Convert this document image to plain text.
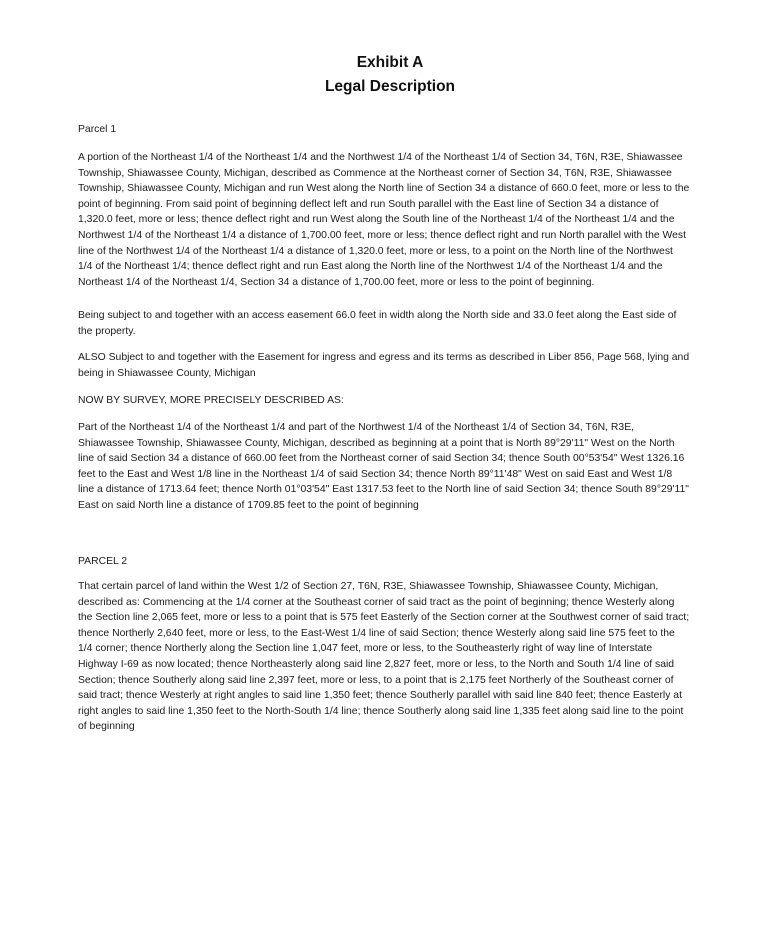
Exhibit A
Legal Description
Parcel 1
A portion of the Northeast 1/4 of the Northeast 1/4 and the Northwest 1/4 of the Northeast 1/4 of Section 34, T6N, R3E, Shiawassee Township, Shiawassee County, Michigan, described as Commence at the Northeast corner of Section 34, T6N, R3E, Shiawassee Township, Shiawassee County, Michigan and run West along the North line of Section 34 a distance of 660.0 feet, more or less to the point of beginning. From said point of beginning deflect left and run South parallel with the East line of Section 34 a distance of 1,320.0 feet, more or less; thence deflect right and run West along the South line of the Northeast 1/4 of the Northeast 1/4 and the Northwest 1/4 of the Northeast 1/4 a distance of 1,700.00 feet, more or less; thence deflect right and run North parallel with the West line of the Northwest 1/4 of the Northeast 1/4 a distance of 1,320.0 feet, more or less, to a point on the North line of the Northwest 1/4 of the Northeast 1/4; thence deflect right and run East along the North line of the Northwest 1/4 of the Northeast 1/4 and the Northeast 1/4 of the Northeast 1/4, Section 34 a distance of 1,700.00 feet, more or less to the point of beginning.
Being subject to and together with an access easement 66.0 feet in width along the North side and 33.0 feet along the East side of the property.
ALSO Subject to and together with the Easement for ingress and egress and its terms as described in Liber 856, Page 568, lying and being in Shiawassee County, Michigan
NOW BY SURVEY, MORE PRECISELY DESCRIBED AS:
Part of the Northeast 1/4 of the Northeast 1/4 and part of the Northwest 1/4 of the Northeast 1/4 of Section 34, T6N, R3E, Shiawassee Township, Shiawassee County, Michigan, described as beginning at a point that is North 89°29'11" West on the North line of said Section 34 a distance of 660.00 feet from the Northeast corner of said Section 34; thence South 00°53'54" West 1326.16 feet to the East and West 1/8 line in the Northeast 1/4 of said Section 34; thence North 89°11'48" West on said East and West 1/8 line a distance of 1713.64 feet; thence North 01°03'54" East 1317.53 feet to the North line of said Section 34; thence South 89°29'11" East on said North line a distance of 1709.85 feet to the point of beginning
PARCEL 2
That certain parcel of land within the West 1/2 of Section 27, T6N, R3E, Shiawassee Township, Shiawassee County, Michigan, described as: Commencing at the 1/4 corner at the Southeast corner of said tract as the point of beginning; thence Westerly along the Section line 2,065 feet, more or less to a point that is 575 feet Easterly of the Section corner at the Southwest corner of said tract; thence Northerly 2,640 feet, more or less, to the East-West 1/4 line of said Section; thence Westerly along said line 575 feet to the 1/4 corner; thence Northerly along the Section line 1,047 feet, more or less, to the Southeasterly right of way line of Interstate Highway I-69 as now located; thence Northeasterly along said line 2,827 feet, more or less, to the North and South 1/4 line of said Section; thence Southerly along said line 2,397 feet, more or less, to a point that is 2,175 feet Northerly of the Southeast corner of said tract; thence Westerly at right angles to said line 1,350 feet; thence Southerly parallel with said line 840 feet; thence Easterly at right angles to said line 1,350 feet to the North-South 1/4 line; thence Southerly along said line 1,335 feet along said line to the point of beginning
